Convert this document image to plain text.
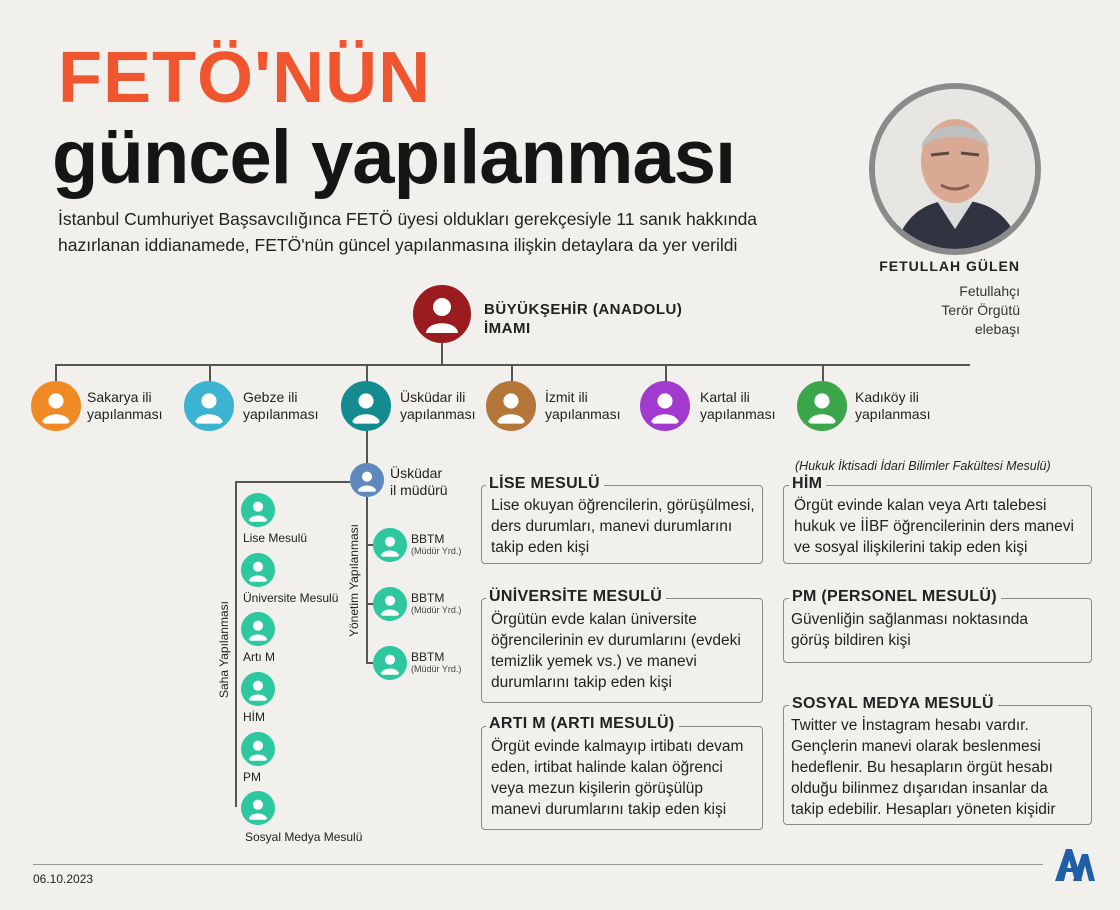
FETÖ'NÜN
güncel yapılanması
İstanbul Cumhuriyet Başsavcılığınca FETÖ üyesi oldukları gerekçesiyle 11 sanık hakkında hazırlanan iddianamede, FETÖ'nün güncel yapılanmasına ilişkin detaylara da yer verildi
FETULLAH GÜLEN
Fetullahçı
Terör Örgütü
elebaşı
BÜYÜKŞEHİR (ANADOLU)
İMAMI
Sakarya ili
yapılanması
Gebze ili
yapılanması
Üsküdar ili
yapılanması
İzmit ili
yapılanması
Kartal ili
yapılanması
Kadıköy ili
yapılanması
Üsküdar
il müdürü
Saha Yapılanması
Lise Mesulü
Üniversite Mesulü
Artı M
HİM
PM
Sosyal Medya Mesulü
Yönetim Yapılanması	BBTM
(Müdür Yrd.)
BBTM
(Müdür Yrd.)
BBTM
(Müdür Yrd.)
LİSE MESULÜ
Lise okuyan öğrencilerin, görüşülmesi, ders durumları, manevi durumlarını takip eden kişi
ÜNİVERSİTE MESULÜ
Örgütün evde kalan üniversite öğrencilerinin ev durumlarını (evdeki temizlik yemek vs.) ve manevi durumlarını takip eden kişi
ARTI M (ARTI MESULÜ)
Örgüt evinde kalmayıp irtibatı devam eden, irtibat halinde kalan öğrenci veya mezun kişilerin görüşülüp manevi durumlarını takip eden kişi
(Hukuk İktisadi İdari Bilimler Fakültesi Mesulü)
HİM
Örgüt evinde kalan veya Artı talebesi hukuk ve İİBF öğrencilerinin ders manevi ve sosyal ilişkilerini takip eden kişi
PM (PERSONEL MESULÜ)
Güvenliğin sağlanması noktasında görüş bildiren kişi
SOSYAL MEDYA MESULÜ
Twitter ve İnstagram hesabı vardır. Gençlerin manevi olarak beslenmesi hedeflenir. Bu hesapların örgüt hesabı olduğu bilinmez dışarıdan insanlar da takip edebilir. Hesapları yöneten kişidir
06.10.2023
